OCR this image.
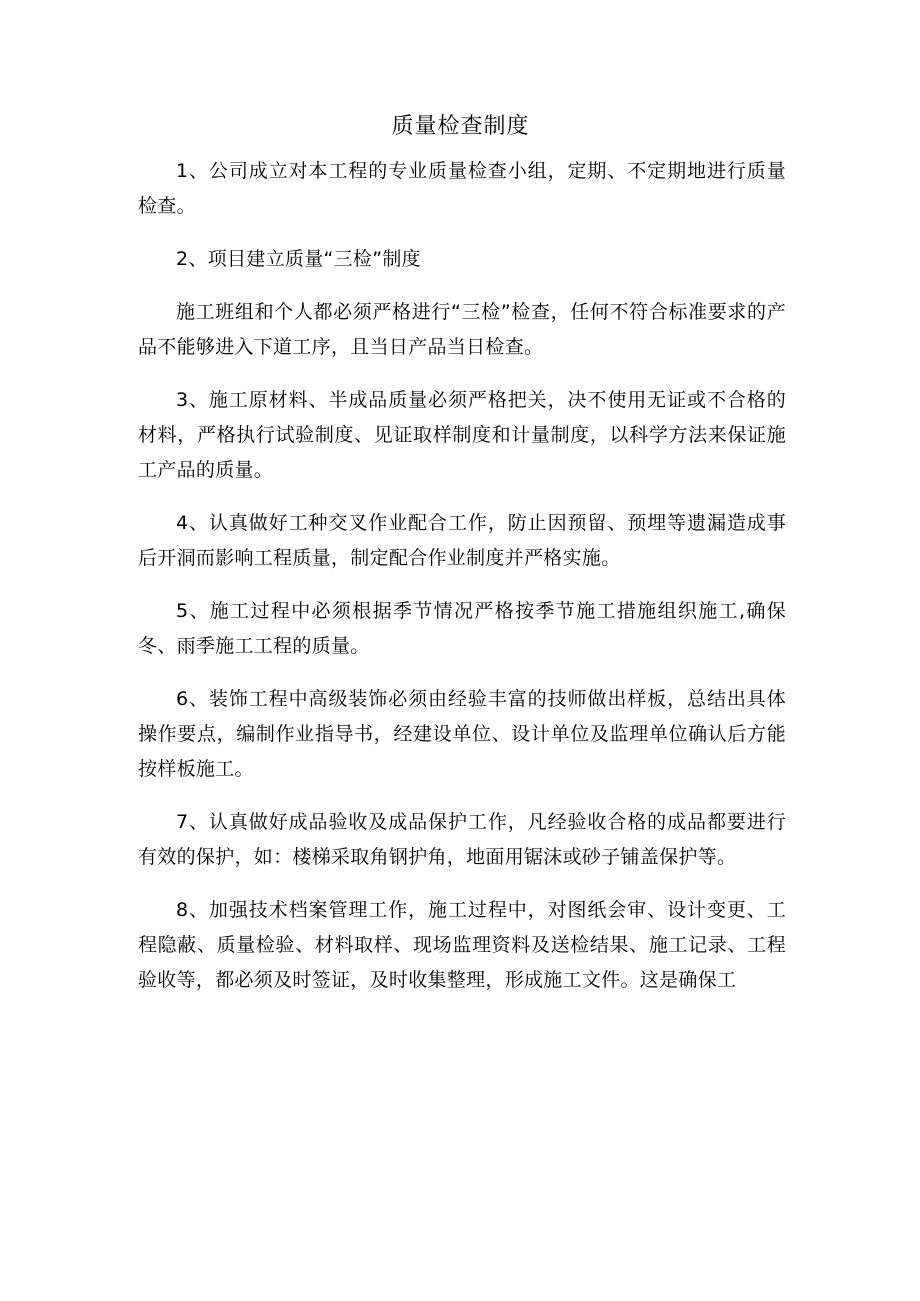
质量检查制度

1、公司成立对本工程的专业质量检查小组，定期、不定期地进行质量检查。

2、项目建立质量“三检”制度

施工班组和个人都必须严格进行“三检”检查，任何不符合标准要求的产品不能够进入下道工序，且当日产品当日检查。

3、施工原材料、半成品质量必须严格把关，决不使用无证或不合格的材料，严格执行试验制度、见证取样制度和计量制度，以科学方法来保证施工产品的质量。

4、认真做好工种交叉作业配合工作，防止因预留、预埋等遗漏造成事后开洞而影响工程质量，制定配合作业制度并严格实施。

5、施工过程中必须根据季节情况严格按季节施工措施组织施工,确保冬、雨季施工工程的质量。

6、装饰工程中高级装饰必须由经验丰富的技师做出样板，总结出具体操作要点，编制作业指导书，经建设单位、设计单位及监理单位确认后方能按样板施工。

7、认真做好成品验收及成品保护工作，凡经验收合格的成品都要进行有效的保护，如：楼梯采取角钢护角，地面用锯沫或砂子铺盖保护等。

8、加强技术档案管理工作，施工过程中，对图纸会审、设计变更、工程隐蔽、质量检验、材料取样、现场监理资料及送检结果、施工记录、工程验收等，都必须及时签证，及时收集整理，形成施工文件。这是确保工
